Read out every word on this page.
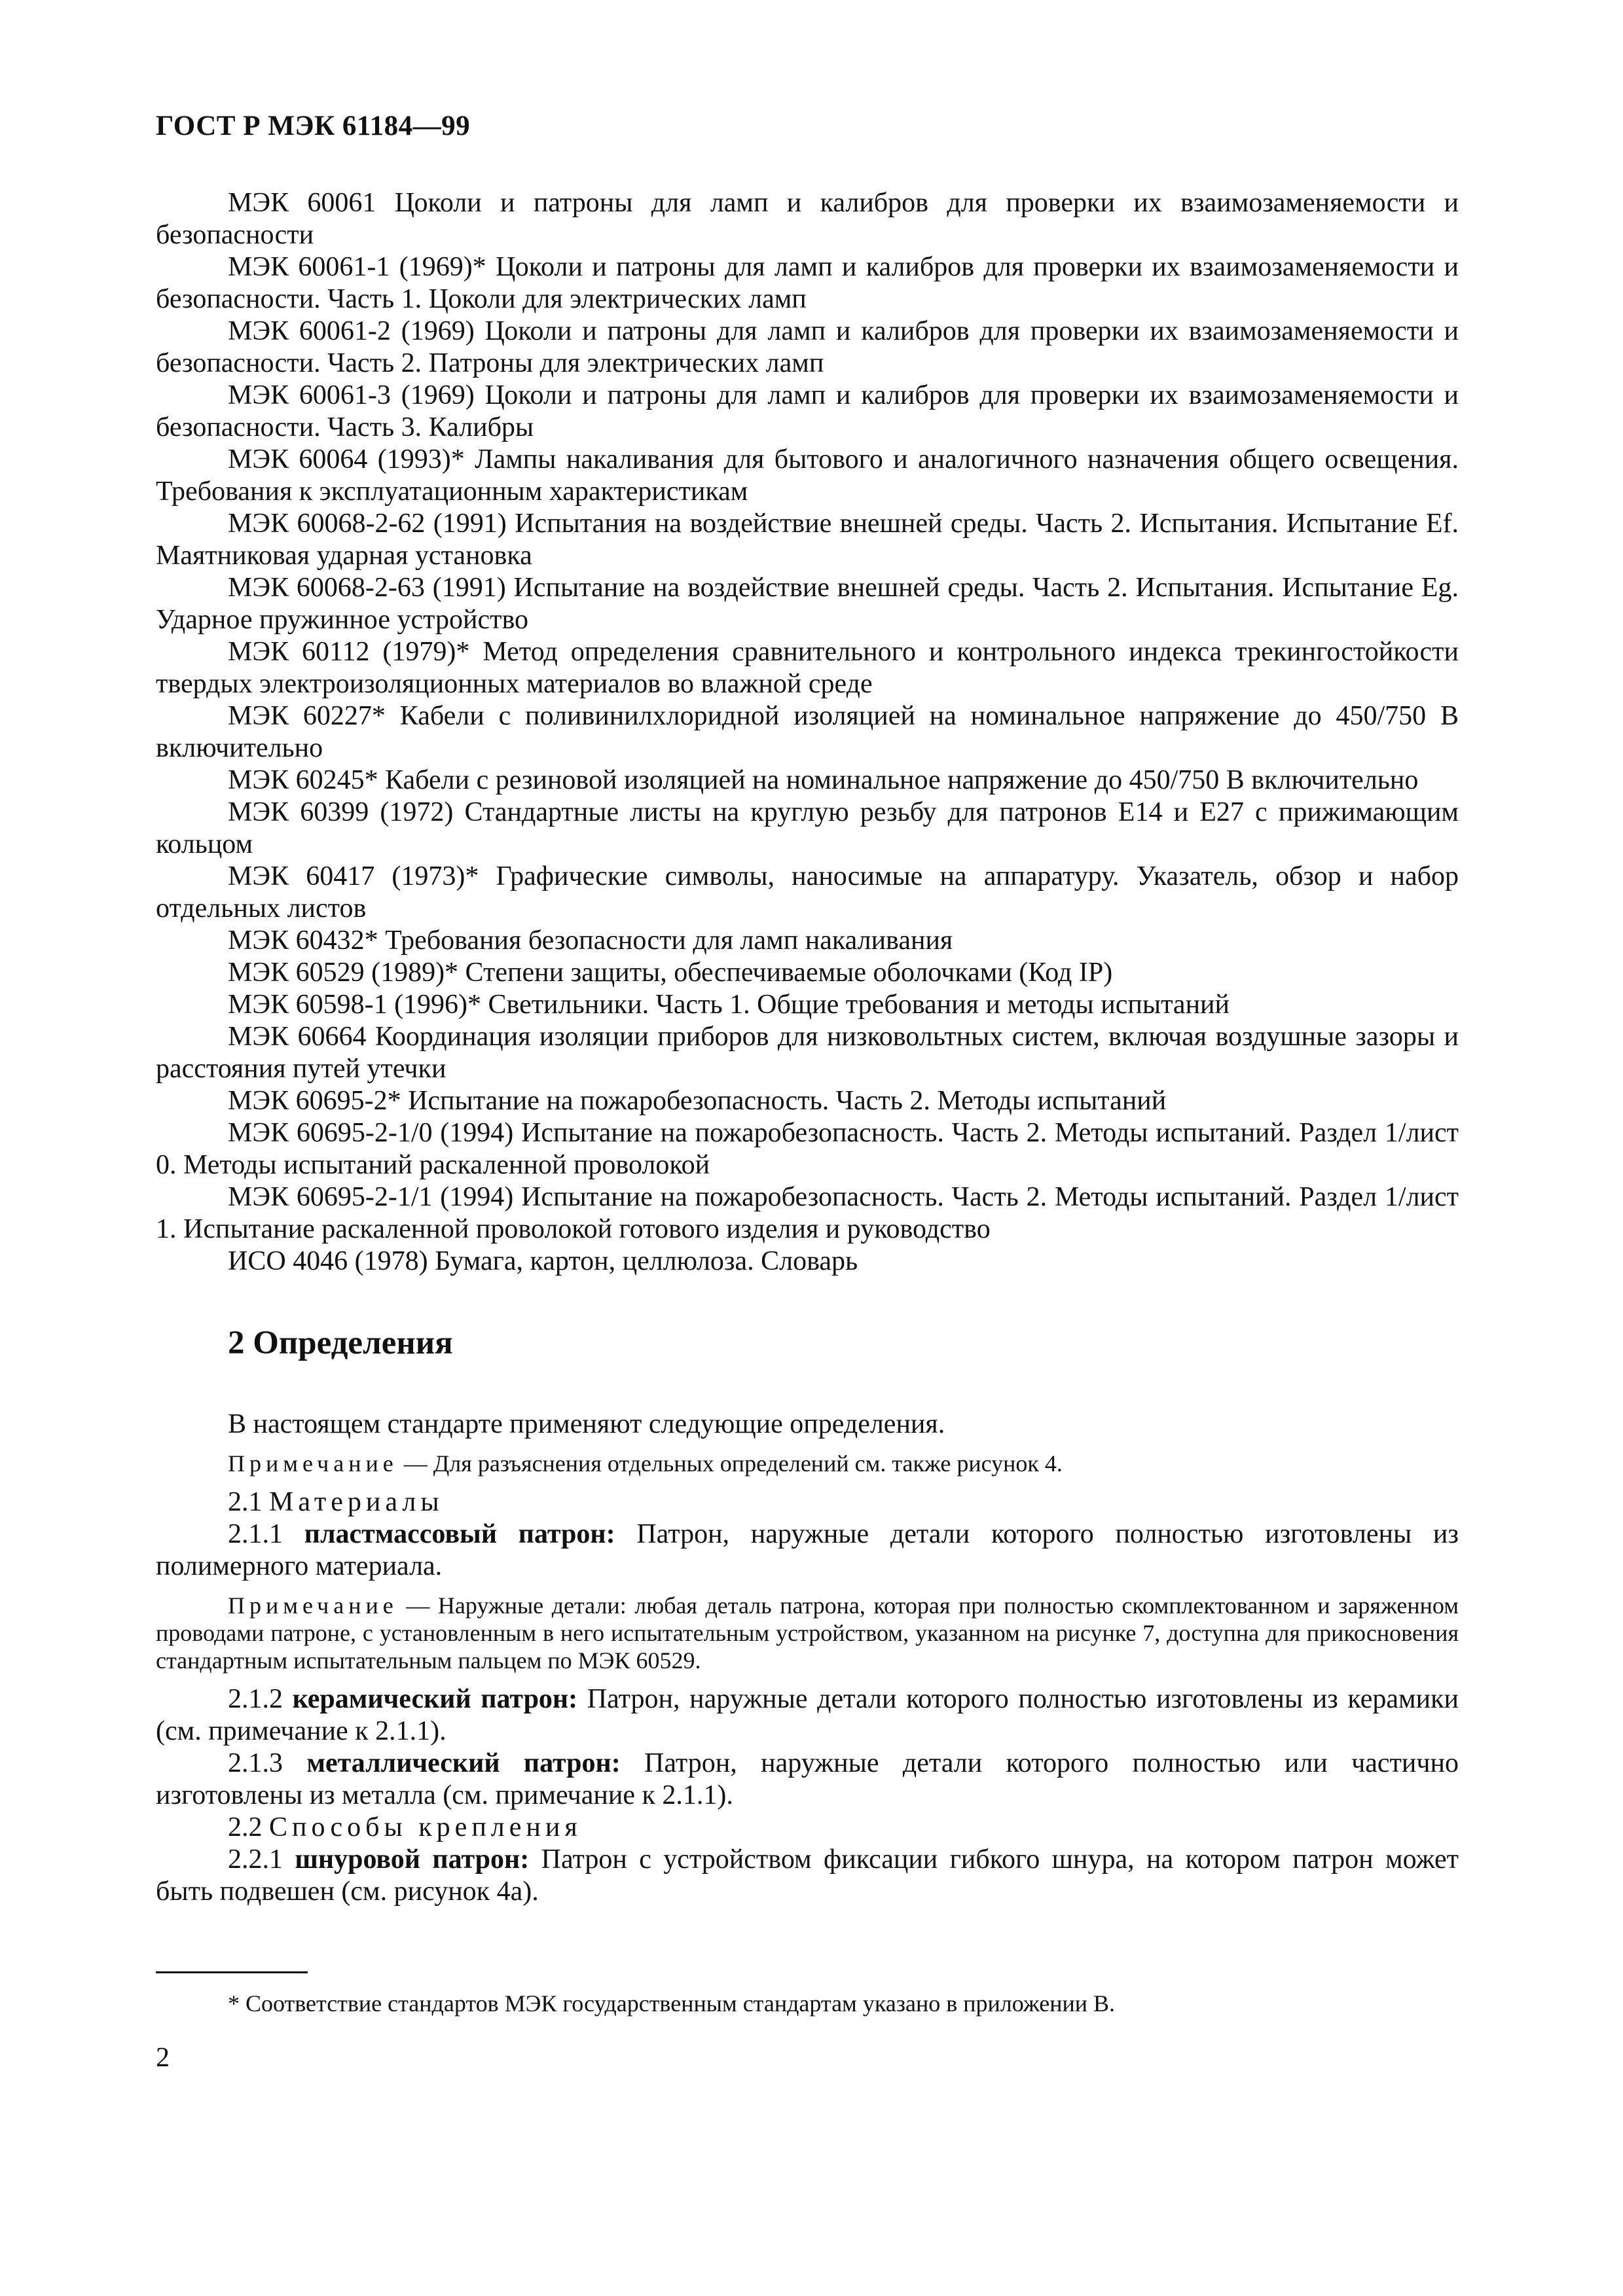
ГОСТ Р МЭК 61184—99

МЭК 60061 Цоколи и патроны для ламп и калибров для проверки их взаимозаменяемости и безопасности

МЭК 60061-1 (1969)* Цоколи и патроны для ламп и калибров для проверки их взаимозаменяемости и безопасности. Часть 1. Цоколи для электрических ламп

МЭК 60061-2 (1969) Цоколи и патроны для ламп и калибров для проверки их взаимозаменяемости и безопасности. Часть 2. Патроны для электрических ламп

МЭК 60061-3 (1969) Цоколи и патроны для ламп и калибров для проверки их взаимозаменяемости и безопасности. Часть 3. Калибры

МЭК 60064 (1993)* Лампы накаливания для бытового и аналогичного назначения общего освещения. Требования к эксплуатационным характеристикам

МЭК 60068-2-62 (1991) Испытания на воздействие внешней среды. Часть 2. Испытания. Испытание Ef. Маятниковая ударная установка

МЭК 60068-2-63 (1991) Испытание на воздействие внешней среды. Часть 2. Испытания. Испытание Eg. Ударное пружинное устройство

МЭК 60112 (1979)* Метод определения сравнительного и контрольного индекса трекингостойкости твердых электроизоляционных материалов во влажной среде

МЭК 60227* Кабели с поливинилхлоридной изоляцией на номинальное напряжение до 450/750 В включительно

МЭК 60245* Кабели с резиновой изоляцией на номинальное напряжение до 450/750 В включительно

МЭК 60399 (1972) Стандартные листы на круглую резьбу для патронов E14 и E27 с прижимающим кольцом

МЭК 60417 (1973)* Графические символы, наносимые на аппаратуру. Указатель, обзор и набор отдельных листов

МЭК 60432* Требования безопасности для ламп накаливания

МЭК 60529 (1989)* Степени защиты, обеспечиваемые оболочками (Код IP)

МЭК 60598-1 (1996)* Светильники. Часть 1. Общие требования и методы испытаний

МЭК 60664 Координация изоляции приборов для низковольтных систем, включая воздушные зазоры и расстояния путей утечки

МЭК 60695-2* Испытание на пожаробезопасность. Часть 2. Методы испытаний

МЭК 60695-2-1/0 (1994) Испытание на пожаробезопасность. Часть 2. Методы испытаний. Раздел 1/лист 0. Методы испытаний раскаленной проволокой

МЭК 60695-2-1/1 (1994) Испытание на пожаробезопасность. Часть 2. Методы испытаний. Раздел 1/лист 1. Испытание раскаленной проволокой готового изделия и руководство

ИСО 4046 (1978) Бумага, картон, целлюлоза. Словарь

2 Определения

В настоящем стандарте применяют следующие определения.

Примечание — Для разъяснения отдельных определений см. также рисунок 4.

2.1 Материалы

2.1.1 пластмассовый патрон: Патрон, наружные детали которого полностью изготовлены из полимерного материала.

Примечание — Наружные детали: любая деталь патрона, которая при полностью скомплектованном и заряженном проводами патроне, с установленным в него испытательным устройством, указанном на рисунке 7, доступна для прикосновения стандартным испытательным пальцем по МЭК 60529.

2.1.2 керамический патрон: Патрон, наружные детали которого полностью изготовлены из керамики (см. примечание к 2.1.1).

2.1.3 металлический патрон: Патрон, наружные детали которого полностью или частично изготовлены из металла (см. примечание к 2.1.1).

2.2 Способы крепления

2.2.1 шнуровой патрон: Патрон с устройством фиксации гибкого шнура, на котором патрон может быть подвешен (см. рисунок 4а).

* Соответствие стандартов МЭК государственным стандартам указано в приложении В.
2
